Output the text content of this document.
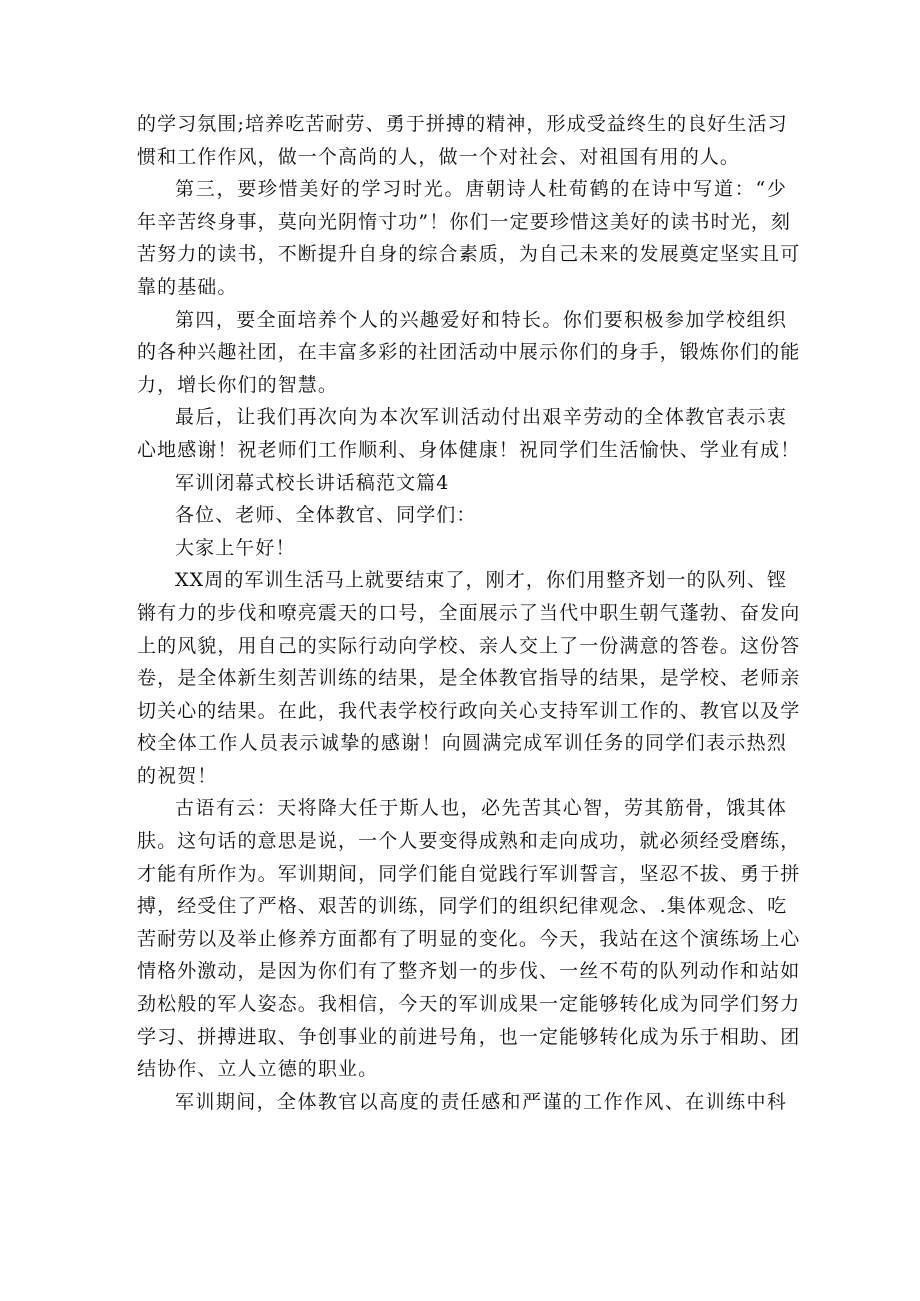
的学习氛围;培养吃苦耐劳、勇于拼搏的精神，形成受益终生的良好生活习
惯和工作作风，做一个高尚的人，做一个对社会、对祖国有用的人。
第三，要珍惜美好的学习时光。唐朝诗人杜荀鹤的在诗中写道：“少
年辛苦终身事，莫向光阴惰寸功”！你们一定要珍惜这美好的读书时光，刻
苦努力的读书，不断提升自身的综合素质，为自己未来的发展奠定坚实且可
靠的基础。
第四，要全面培养个人的兴趣爱好和特长。你们要积极参加学校组织
的各种兴趣社团，在丰富多彩的社团活动中展示你们的身手，锻炼你们的能
力，增长你们的智慧。
最后，让我们再次向为本次军训活动付出艰辛劳动的全体教官表示衷
心地感谢！祝老师们工作顺利、身体健康！祝同学们生活愉快、学业有成！
军训闭幕式校长讲话稿范文篇4
各位、老师、全体教官、同学们：
大家上午好！
XX周的军训生活马上就要结束了，刚才，你们用整齐划一的队列、铿
锵有力的步伐和嘹亮震天的口号，全面展示了当代中职生朝气蓬勃、奋发向
上的风貌，用自己的实际行动向学校、亲人交上了一份满意的答卷。这份答
卷，是全体新生刻苦训练的结果，是全体教官指导的结果，是学校、老师亲
切关心的结果。在此，我代表学校行政向关心支持军训工作的、教官以及学
校全体工作人员表示诚挚的感谢！向圆满完成军训任务的同学们表示热烈
的祝贺！
古语有云：天将降大任于斯人也，必先苦其心智，劳其筋骨，饿其体
肤。这句话的意思是说，一个人要变得成熟和走向成功，就必须经受磨练，
才能有所作为。军训期间，同学们能自觉践行军训誓言，坚忍不拔、勇于拼
搏，经受住了严格、艰苦的训练，同学们的组织纪律观念、.集体观念、吃
苦耐劳以及举止修养方面都有了明显的变化。今天，我站在这个演练场上心
情格外激动，是因为你们有了整齐划一的步伐、一丝不苟的队列动作和站如
劲松般的军人姿态。我相信，今天的军训成果一定能够转化成为同学们努力
学习、拼搏进取、争创事业的前进号角，也一定能够转化成为乐于相助、团
结协作、立人立德的职业。
军训期间，全体教官以高度的责任感和严谨的工作作风、在训练中科
